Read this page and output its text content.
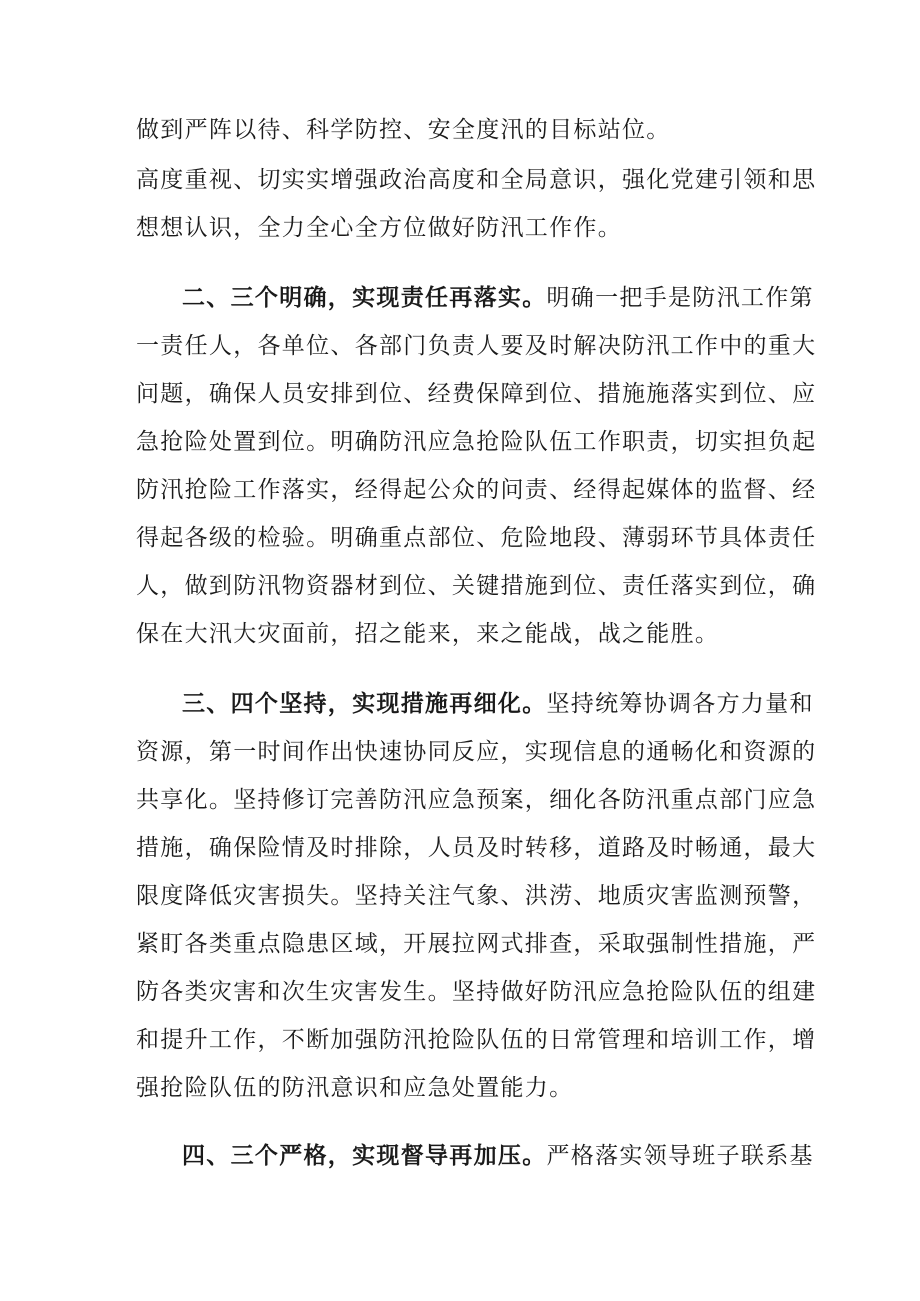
做到严阵以待、科学防控、安全度汛的目标站位。
高度重视、切实实增强政治高度和全局意识，强化党建引领和思
想想认识，全力全心全方位做好防汛工作作。
二、三个明确，实现责任再落实。明确一把手是防汛工作第
一责任人，各单位、各部门负责人要及时解决防汛工作中的重大
问题，确保人员安排到位、经费保障到位、措施施落实到位、应
急抢险处置到位。明确防汛应急抢险队伍工作职责，切实担负起
防汛抢险工作落实，经得起公众的问责、经得起媒体的监督、经
得起各级的检验。明确重点部位、危险地段、薄弱环节具体责任
人，做到防汛物资器材到位、关键措施到位、责任落实到位，确
保在大汛大灾面前，招之能来，来之能战，战之能胜。
三、四个坚持，实现措施再细化。坚持统筹协调各方力量和
资源，第一时间作出快速协同反应，实现信息的通畅化和资源的
共享化。坚持修订完善防汛应急预案，细化各防汛重点部门应急
措施，确保险情及时排除，人员及时转移，道路及时畅通，最大
限度降低灾害损失。坚持关注气象、洪涝、地质灾害监测预警，
紧盯各类重点隐患区域，开展拉网式排查，采取强制性措施，严
防各类灾害和次生灾害发生。坚持做好防汛应急抢险队伍的组建
和提升工作，不断加强防汛抢险队伍的日常管理和培训工作，增
强抢险队伍的防汛意识和应急处置能力。
四、三个严格，实现督导再加压。严格落实领导班子联系基
